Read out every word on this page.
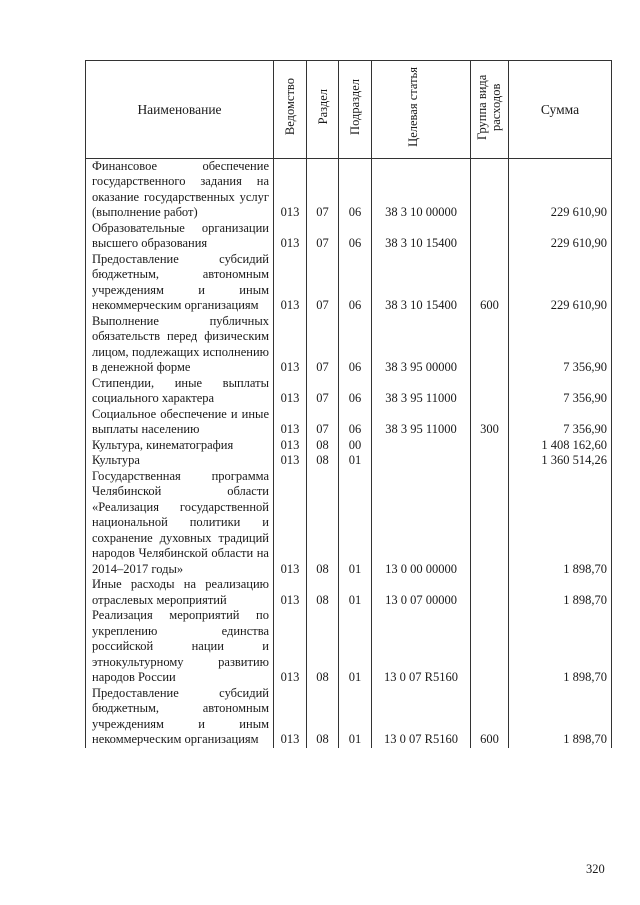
Наименование	Ведомство	Раздел	Подраздел	Целевая статья	Группа вида расходов	Сумма
Финансовое обеспечение государственного задания на оказание государственных услуг (выполнение работ)	013	07	06	38 3 10 00000		229 610,90
Образовательные организации высшего образования	013	07	06	38 3 10 15400		229 610,90
Предоставление субсидий бюджетным, автономным учреждениям и иным некоммерческим организациям	013	07	06	38 3 10 15400	600	229 610,90
Выполнение публичных обязательств перед физическим лицом, подлежащих исполнению в денежной форме	013	07	06	38 3 95 00000		7 356,90
Стипендии, иные выплаты социального характера	013	07	06	38 3 95 11000		7 356,90
Социальное обеспечение и иные выплаты населению	013	07	06	38 3 95 11000	300	7 356,90
Культура, кинематография	013	08	00			1 408 162,60
Культура	013	08	01			1 360 514,26
Государственная программа Челябинской области «Реализация государственной национальной политики и сохранение духовных традиций народов Челябинской области на 2014–2017 годы»	013	08	01	13 0 00 00000		1 898,70
Иные расходы на реализацию отраслевых мероприятий	013	08	01	13 0 07 00000		1 898,70
Реализация мероприятий по укреплению единства российской нации и этнокультурному развитию народов России	013	08	01	13 0 07 R5160		1 898,70
Предоставление субсидий бюджетным, автономным учреждениям и иным некоммерческим организациям	013	08	01	13 0 07 R5160	600	1 898,70
320
